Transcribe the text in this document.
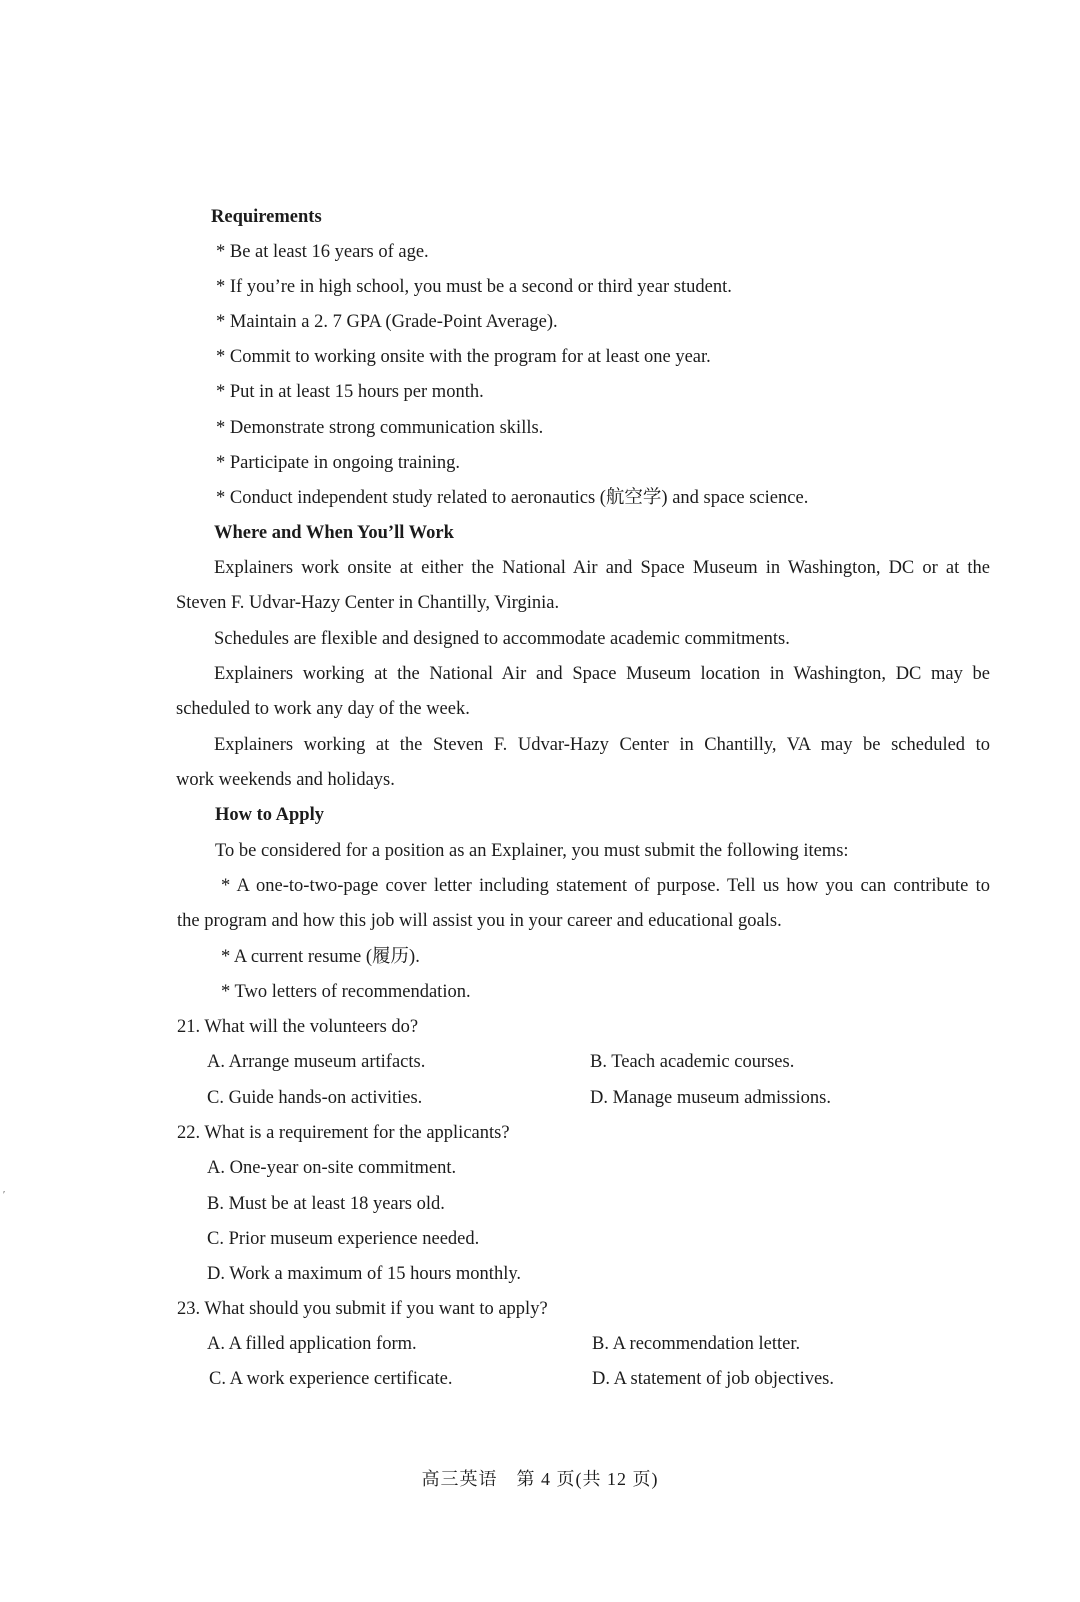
Requirements
* Be at least 16 years of age.
* If you’re in high school, you must be a second or third year student.
* Maintain a 2. 7 GPA (Grade-Point Average).
* Commit to working onsite with the program for at least one year.
* Put in at least 15 hours per month.
* Demonstrate strong communication skills.
* Participate in ongoing training.
* Conduct independent study related to aeronautics (航空学) and space science.
Where and When You’ll Work
Explainers work onsite at either the National Air and Space Museum in Washington, DC or at the
Steven F. Udvar-Hazy Center in Chantilly, Virginia.
Schedules are flexible and designed to accommodate academic commitments.
Explainers working at the National Air and Space Museum location in Washington, DC may be
scheduled to work any day of the week.
Explainers working at the Steven F. Udvar-Hazy Center in Chantilly, VA may be scheduled to
work weekends and holidays.
How to Apply
To be considered for a position as an Explainer, you must submit the following items:
* A one-to-two-page cover letter including statement of purpose. Tell us how you can contribute to
the program and how this job will assist you in your career and educational goals.
* A current resume (履历).
* Two letters of recommendation.
21. What will the volunteers do?
A. Arrange museum artifacts.	B. Teach academic courses.
C. Guide hands-on activities.	D. Manage museum admissions.
22. What is a requirement for the applicants?
A. One-year on-site commitment.
B. Must be at least 18 years old.
C. Prior museum experience needed.
D. Work a maximum of 15 hours monthly.
23. What should you submit if you want to apply?
A. A filled application form.	B. A recommendation letter.
C. A work experience certificate.	D. A statement of job objectives.
高三英语　第 4 页(共 12 页)
′
